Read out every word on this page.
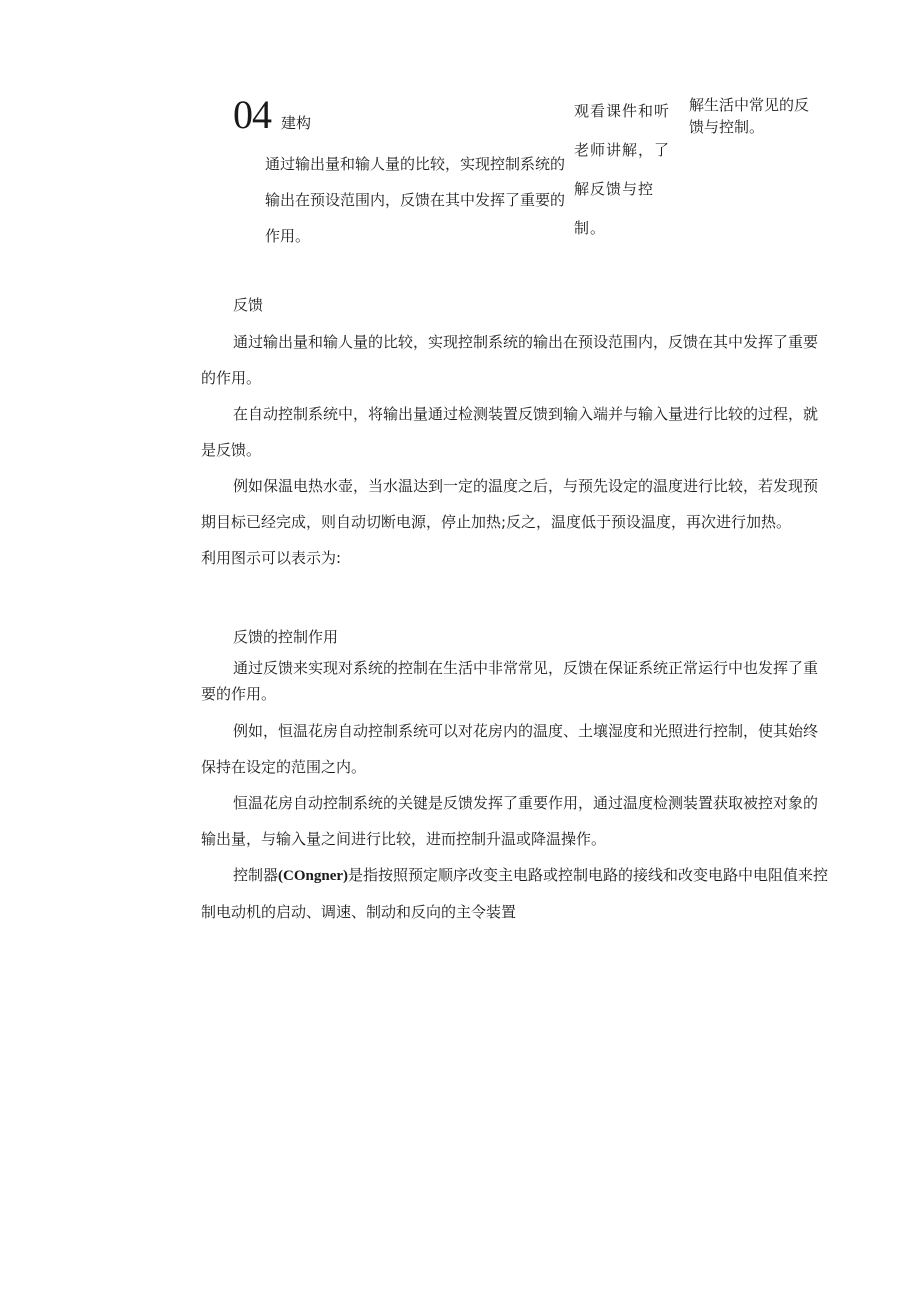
04 建构
通过输出量和输人量的比较，实现控制系统的输出在预设范围内，反馈在其中发挥了重要的作用。
观看课件和听老师讲解，了解反馈与控 制。
解生活中常见的反馈与控制。
反馈

通过输出量和输人量的比较，实现控制系统的输出在预设范围内，反馈在其中发挥了重要的作用。

在自动控制系统中，将输出量通过检测装置反馈到输入端并与输入量进行比较的过程，就是反馈。

例如保温电热水壶，当水温达到一定的温度之后，与预先设定的温度进行比较，若发现预期目标已经完成，则自动切断电源，停止加热;反之，温度低于预设温度，再次进行加热。

利用图示可以表示为:

反馈的控制作用

通过反馈来实现对系统的控制在生活中非常常见，反馈在保证系统正常运行中也发挥了重要的作用。

例如，恒温花房自动控制系统可以对花房内的温度、土壤湿度和光照进行控制，使其始终保持在设定的范围之内。

恒温花房自动控制系统的关键是反馈发挥了重要作用，通过温度检测装置获取被控对象的输出量，与输入量之间进行比较，进而控制升温或降温操作。

控制器(COngner)是指按照预定顺序改变主电路或控制电路的接线和改变电路中电阻值来控制电动机的启动、调速、制动和反向的主令装置
